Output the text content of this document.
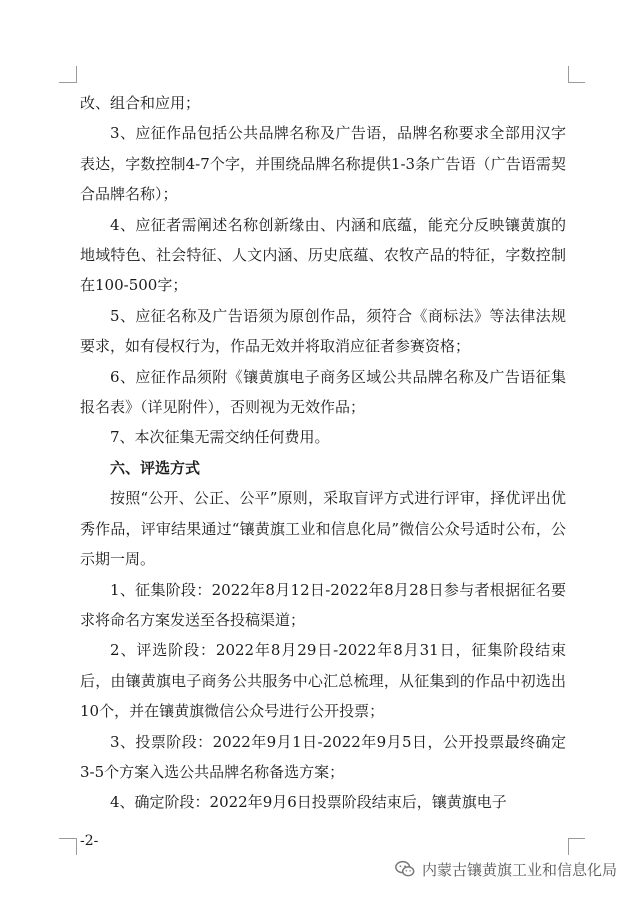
改、组合和应用；

3、应征作品包括公共品牌名称及广告语，品牌名称要求全部用汉字表达，字数控制4-7个字，并围绕品牌名称提供1-3条广告语（广告语需契合品牌名称）；

4、应征者需阐述名称创新缘由、内涵和底蕴，能充分反映镶黄旗的地域特色、社会特征、人文内涵、历史底蕴、农牧产品的特征，字数控制在100-500字；

5、应征名称及广告语须为原创作品，须符合《商标法》等法律法规要求，如有侵权行为，作品无效并将取消应征者参赛资格；

6、应征作品须附《镶黄旗电子商务区域公共品牌名称及广告语征集报名表》（详见附件），否则视为无效作品；

7、本次征集无需交纳任何费用。

六、评选方式

按照“公开、公正、公平”原则，采取盲评方式进行评审，择优评出优秀作品，评审结果通过“镶黄旗工业和信息化局”微信公众号适时公布，公示期一周。

1、征集阶段：2022年8月12日-2022年8月28日参与者根据征名要求将命名方案发送至各投稿渠道；

2、评选阶段：2022年8月29日-2022年8月31日，征集阶段结束后，由镶黄旗电子商务公共服务中心汇总梳理，从征集到的作品中初选出10个，并在镶黄旗微信公众号进行公开投票；

3、投票阶段：2022年9月1日-2022年9月5日，公开投票最终确定3-5个方案入选公共品牌名称备选方案；

4、确定阶段：2022年9月6日投票阶段结束后，镶黄旗电子

-2-
内蒙古镶黄旗工业和信息化局
